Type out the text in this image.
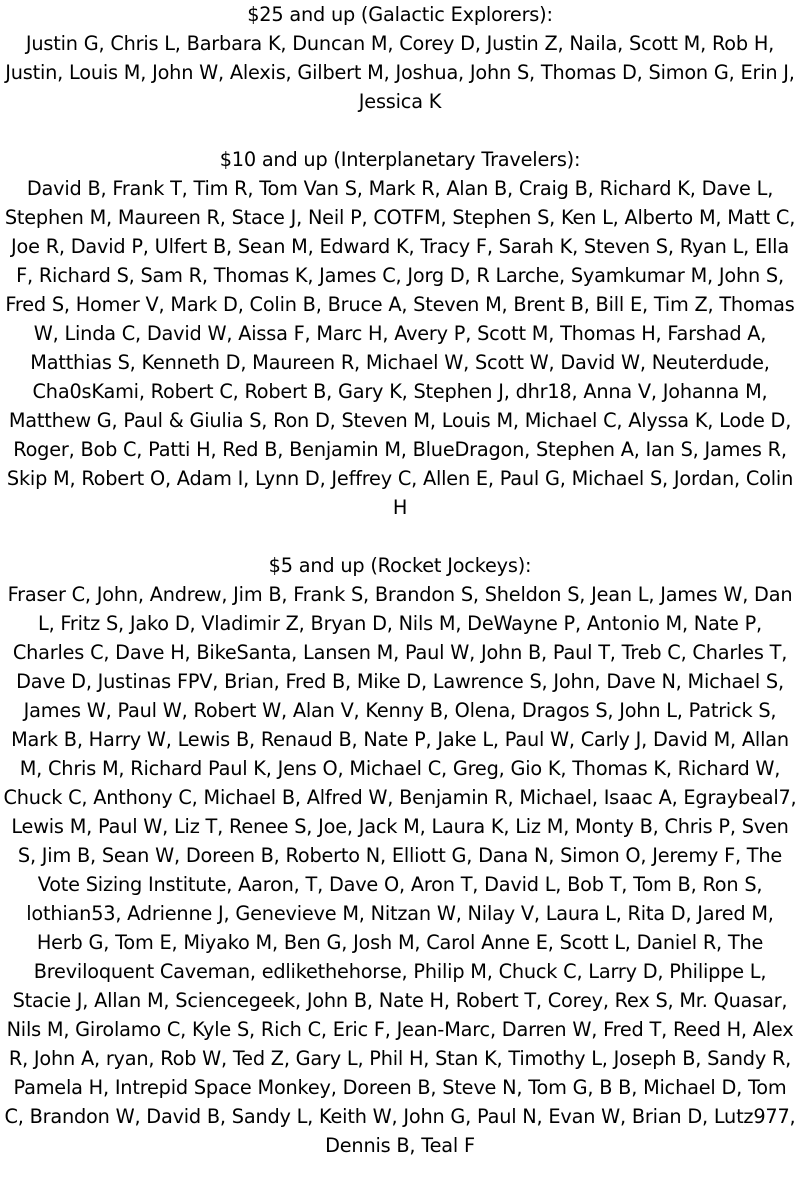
$25 and up (Galactic Explorers):
Justin G, Chris L, Barbara K, Duncan M, Corey D, Justin Z, Naila, Scott M, Rob H, Justin, Louis M, John W, Alexis, Gilbert M, Joshua, John S, Thomas D, Simon G, Erin J, Jessica K
$10 and up (Interplanetary Travelers):
David B, Frank T, Tim R, Tom Van S, Mark R, Alan B, Craig B, Richard K, Dave L, Stephen M, Maureen R, Stace J, Neil P, COTFM, Stephen S, Ken L, Alberto M, Matt C, Joe R, David P, Ulfert B, Sean M, Edward K, Tracy F, Sarah K, Steven S, Ryan L, Ella F, Richard S, Sam R, Thomas K, James C, Jorg D, R Larche, Syamkumar M, John S, Fred S, Homer V, Mark D, Colin B, Bruce A, Steven M, Brent B, Bill E, Tim Z, Thomas W, Linda C, David W, Aissa F, Marc H, Avery P, Scott M, Thomas H, Farshad A, Matthias S, Kenneth D, Maureen R, Michael W, Scott W, David W, Neuterdude, Cha0sKami, Robert C, Robert B, Gary K, Stephen J, dhr18, Anna V, Johanna M, Matthew G, Paul & Giulia S, Ron D, Steven M, Louis M, Michael C, Alyssa K, Lode D, Roger, Bob C, Patti H, Red B, Benjamin M, BlueDragon, Stephen A, Ian S, James R, Skip M, Robert O, Adam I, Lynn D, Jeffrey C, Allen E, Paul G, Michael S, Jordan, Colin H
$5 and up (Rocket Jockeys):
Fraser C, John, Andrew, Jim B, Frank S, Brandon S, Sheldon S, Jean L, James W, Dan L, Fritz S, Jako D, Vladimir Z, Bryan D, Nils M, DeWayne P, Antonio M, Nate P, Charles C, Dave H, BikeSanta, Lansen M, Paul W, John B, Paul T, Treb C, Charles T, Dave D, Justinas FPV, Brian, Fred B, Mike D, Lawrence S, John, Dave N, Michael S, James W, Paul W, Robert W, Alan V, Kenny B, Olena, Dragos S, John L, Patrick S, Mark B, Harry W, Lewis B, Renaud B, Nate P, Jake L, Paul W, Carly J, David M, Allan M, Chris M, Richard Paul K, Jens O, Michael C, Greg, Gio K, Thomas K, Richard W, Chuck C, Anthony C, Michael B, Alfred W, Benjamin R, Michael, Isaac A, Egraybeal7, Lewis M, Paul W, Liz T, Renee S, Joe, Jack M, Laura K, Liz M, Monty B, Chris P, Sven S, Jim B, Sean W, Doreen B, Roberto N, Elliott G, Dana N, Simon O, Jeremy F, The Vote Sizing Institute, Aaron, T, Dave O, Aron T, David L, Bob T, Tom B, Ron S, lothian53, Adrienne J, Genevieve M, Nitzan W, Nilay V, Laura L, Rita D, Jared M, Herb G, Tom E, Miyako M, Ben G, Josh M, Carol Anne E, Scott L, Daniel R, The Breviloquent Caveman, edlikethehorse, Philip M, Chuck C, Larry D, Philippe L, Stacie J, Allan M, Sciencegeek, John B, Nate H, Robert T, Corey, Rex S, Mr. Quasar, Nils M, Girolamo C, Kyle S, Rich C, Eric F, Jean-Marc, Darren W, Fred T, Reed H, Alex R, John A, ryan, Rob W, Ted Z, Gary L, Phil H, Stan K, Timothy L, Joseph B, Sandy R, Pamela H, Intrepid Space Monkey, Doreen B, Steve N, Tom G, B B, Michael D, Tom C, Brandon W, David B, Sandy L, Keith W, John G, Paul N, Evan W, Brian D, Lutz977, Dennis B, Teal F
